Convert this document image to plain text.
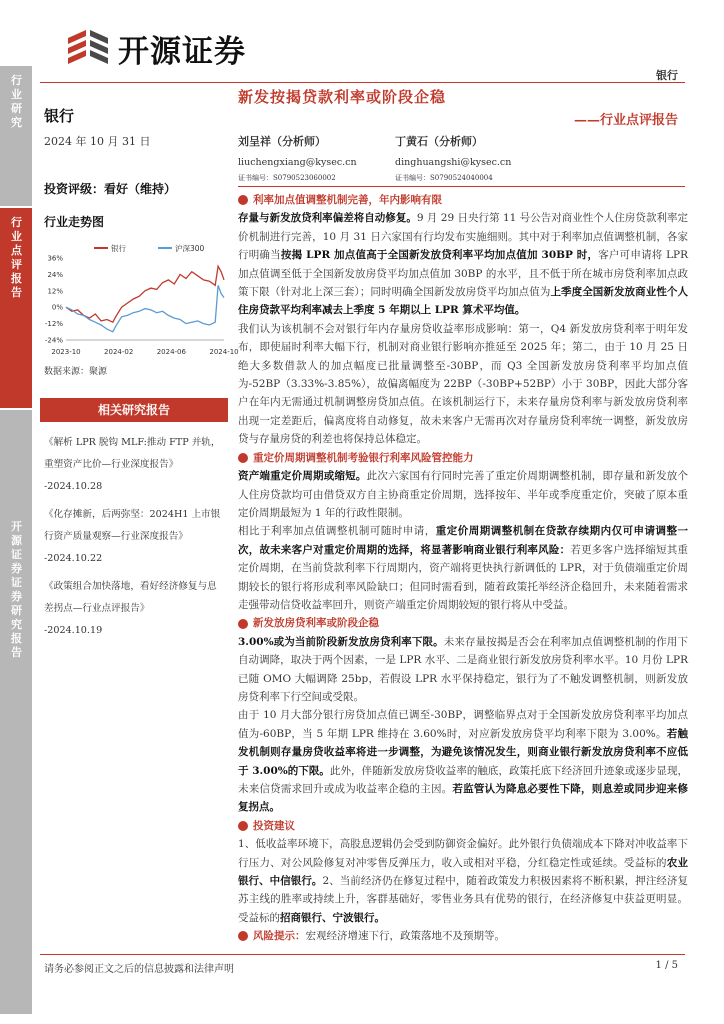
开源证券
银行
行业研究
行业点评报告
开源证券 证券研究报告
银行
2024 年 10 月 31 日
投资评级：看好（维持）
行业走势图
36%
24%
12%
0%
-12%
-24%
2023-10	2024-02	2024-06	2024-10
银行	沪深300
数据来源：聚源
相关研究报告
《解析 LPR 脱钩 MLF:推动 FTP 并轨，重塑资产比价—行业深度报告》
-2024.10.28
《化存摊新，后两弥坚：2024H1 上市银行资产质量观察—行业深度报告》
-2024.10.22
《政策组合加快落地，看好经济修复与息差拐点—行业点评报告》
-2024.10.19
新发按揭贷款利率或阶段企稳
——行业点评报告
刘呈祥（分析师）
liuchengxiang@kysec.cn
证书编号：S0790523060002
丁黄石（分析师）
dinghuangshi@kysec.cn
证书编号：S0790524040004
利率加点值调整机制完善，年内影响有限

存量与新发放贷利率偏差将自动修复。9 月 29 日央行第 11 号公告对商业性个人住房贷款利率定价机制进行完善，10 月 31 日六家国有行均发布实施细则。其中对于利率加点值调整机制，各家行明确当按揭 LPR 加点值高于全国新发放贷利率平均加点值加 30BP 时，客户可申请将 LPR 加点值调至低于全国新发放房贷平均加点值加 30BP 的水平，且不低于所在城市房贷利率加点政策下限（针对北上深三套）；同时明确全国新发放房贷平均加点值为上季度全国新发放商业性个人住房贷款平均利率减去上季度 5 年期以上 LPR 算术平均值。

我们认为该机制不会对银行年内存量房贷收益率形成影响：第一，Q4 新发放房贷利率于明年发布，即使届时利率大幅下行，机制对商业银行影响亦推延至 2025 年；第二，由于 10 月 25 日绝大多数借款人的加点幅度已批量调整至-30BP，而 Q3 全国新发放房贷利率平均加点值为-52BP（3.33%-3.85%），故偏离幅度为 22BP（-30BP+52BP）小于 30BP，因此大部分客户在年内无需通过机制调整房贷加点值。在该机制运行下，未来存量房贷利率与新发放房贷利率出现一定差距后，偏离度将自动修复，故未来客户无需再次对存量房贷利率统一调整，新发放房贷与存量房贷的利差也将保持总体稳定。

重定价周期调整机制考验银行利率风险管控能力

资产端重定价周期或缩短。此次六家国有行同时完善了重定价周期调整机制，即存量和新发放个人住房贷款均可由借贷双方自主协商重定价周期，选择按年、半年或季度重定价，突破了原本重定价周期最短为 1 年的行政性限制。

相比于利率加点值调整机制可随时申请，重定价周期调整机制在贷款存续期内仅可申请调整一次，故未来客户对重定价周期的选择，将显著影响商业银行利率风险：若更多客户选择缩短其重定价周期，在当前贷款利率下行周期内，资产端将更快执行新调低的 LPR，对于负债端重定价周期较长的银行将形成利率风险缺口；但同时需看到，随着政策托举经济企稳回升，未来随着需求走强带动信贷收益率回升，则资产端重定价周期较短的银行将从中受益。

新发放房贷利率或阶段企稳

3.00%或为当前阶段新发放房贷利率下限。未来存量按揭是否会在利率加点值调整机制的作用下自动调降，取决于两个因素，一是 LPR 水平、二是商业银行新发放房贷利率水平。10 月份 LPR 已随 OMO 大幅调降 25bp，若假设 LPR 水平保持稳定，银行为了不触发调整机制，则新发放房贷利率下行空间或受限。

由于 10 月大部分银行房贷加点值已调至-30BP，调整临界点对于全国新发放房贷利率平均加点值为-60BP，当 5 年期 LPR 维持在 3.60%时，对应新发放房贷平均利率下限为 3.00%。若触发机制则存量房贷收益率将进一步调整，为避免该情况发生，则商业银行新发放房贷利率不应低于 3.00%的下限。此外，伴随新发放房贷收益率的触底，政策托底下经济回升迹象或逐步显现，未来信贷需求回升或成为收益率企稳的主因。若监管认为降息必要性下降，则息差或同步迎来修复拐点。

投资建议

1、低收益率环境下，高股息逻辑仍会受到防御资金偏好。此外银行负债端成本下降对冲收益率下行压力、对公风险修复对冲零售反弹压力，收入或相对平稳，分红稳定性或延续。受益标的农业银行、中信银行。2、当前经济仍在修复过程中，随着政策发力积极因素将不断积累，押注经济复苏主线的胜率或持续上升，客群基础好，零售业务具有优势的银行，在经济修复中获益更明显。受益标的招商银行、宁波银行。

风险提示： 宏观经济增速下行，政策落地不及预期等。
请务必参阅正文之后的信息披露和法律声明	1 / 5
